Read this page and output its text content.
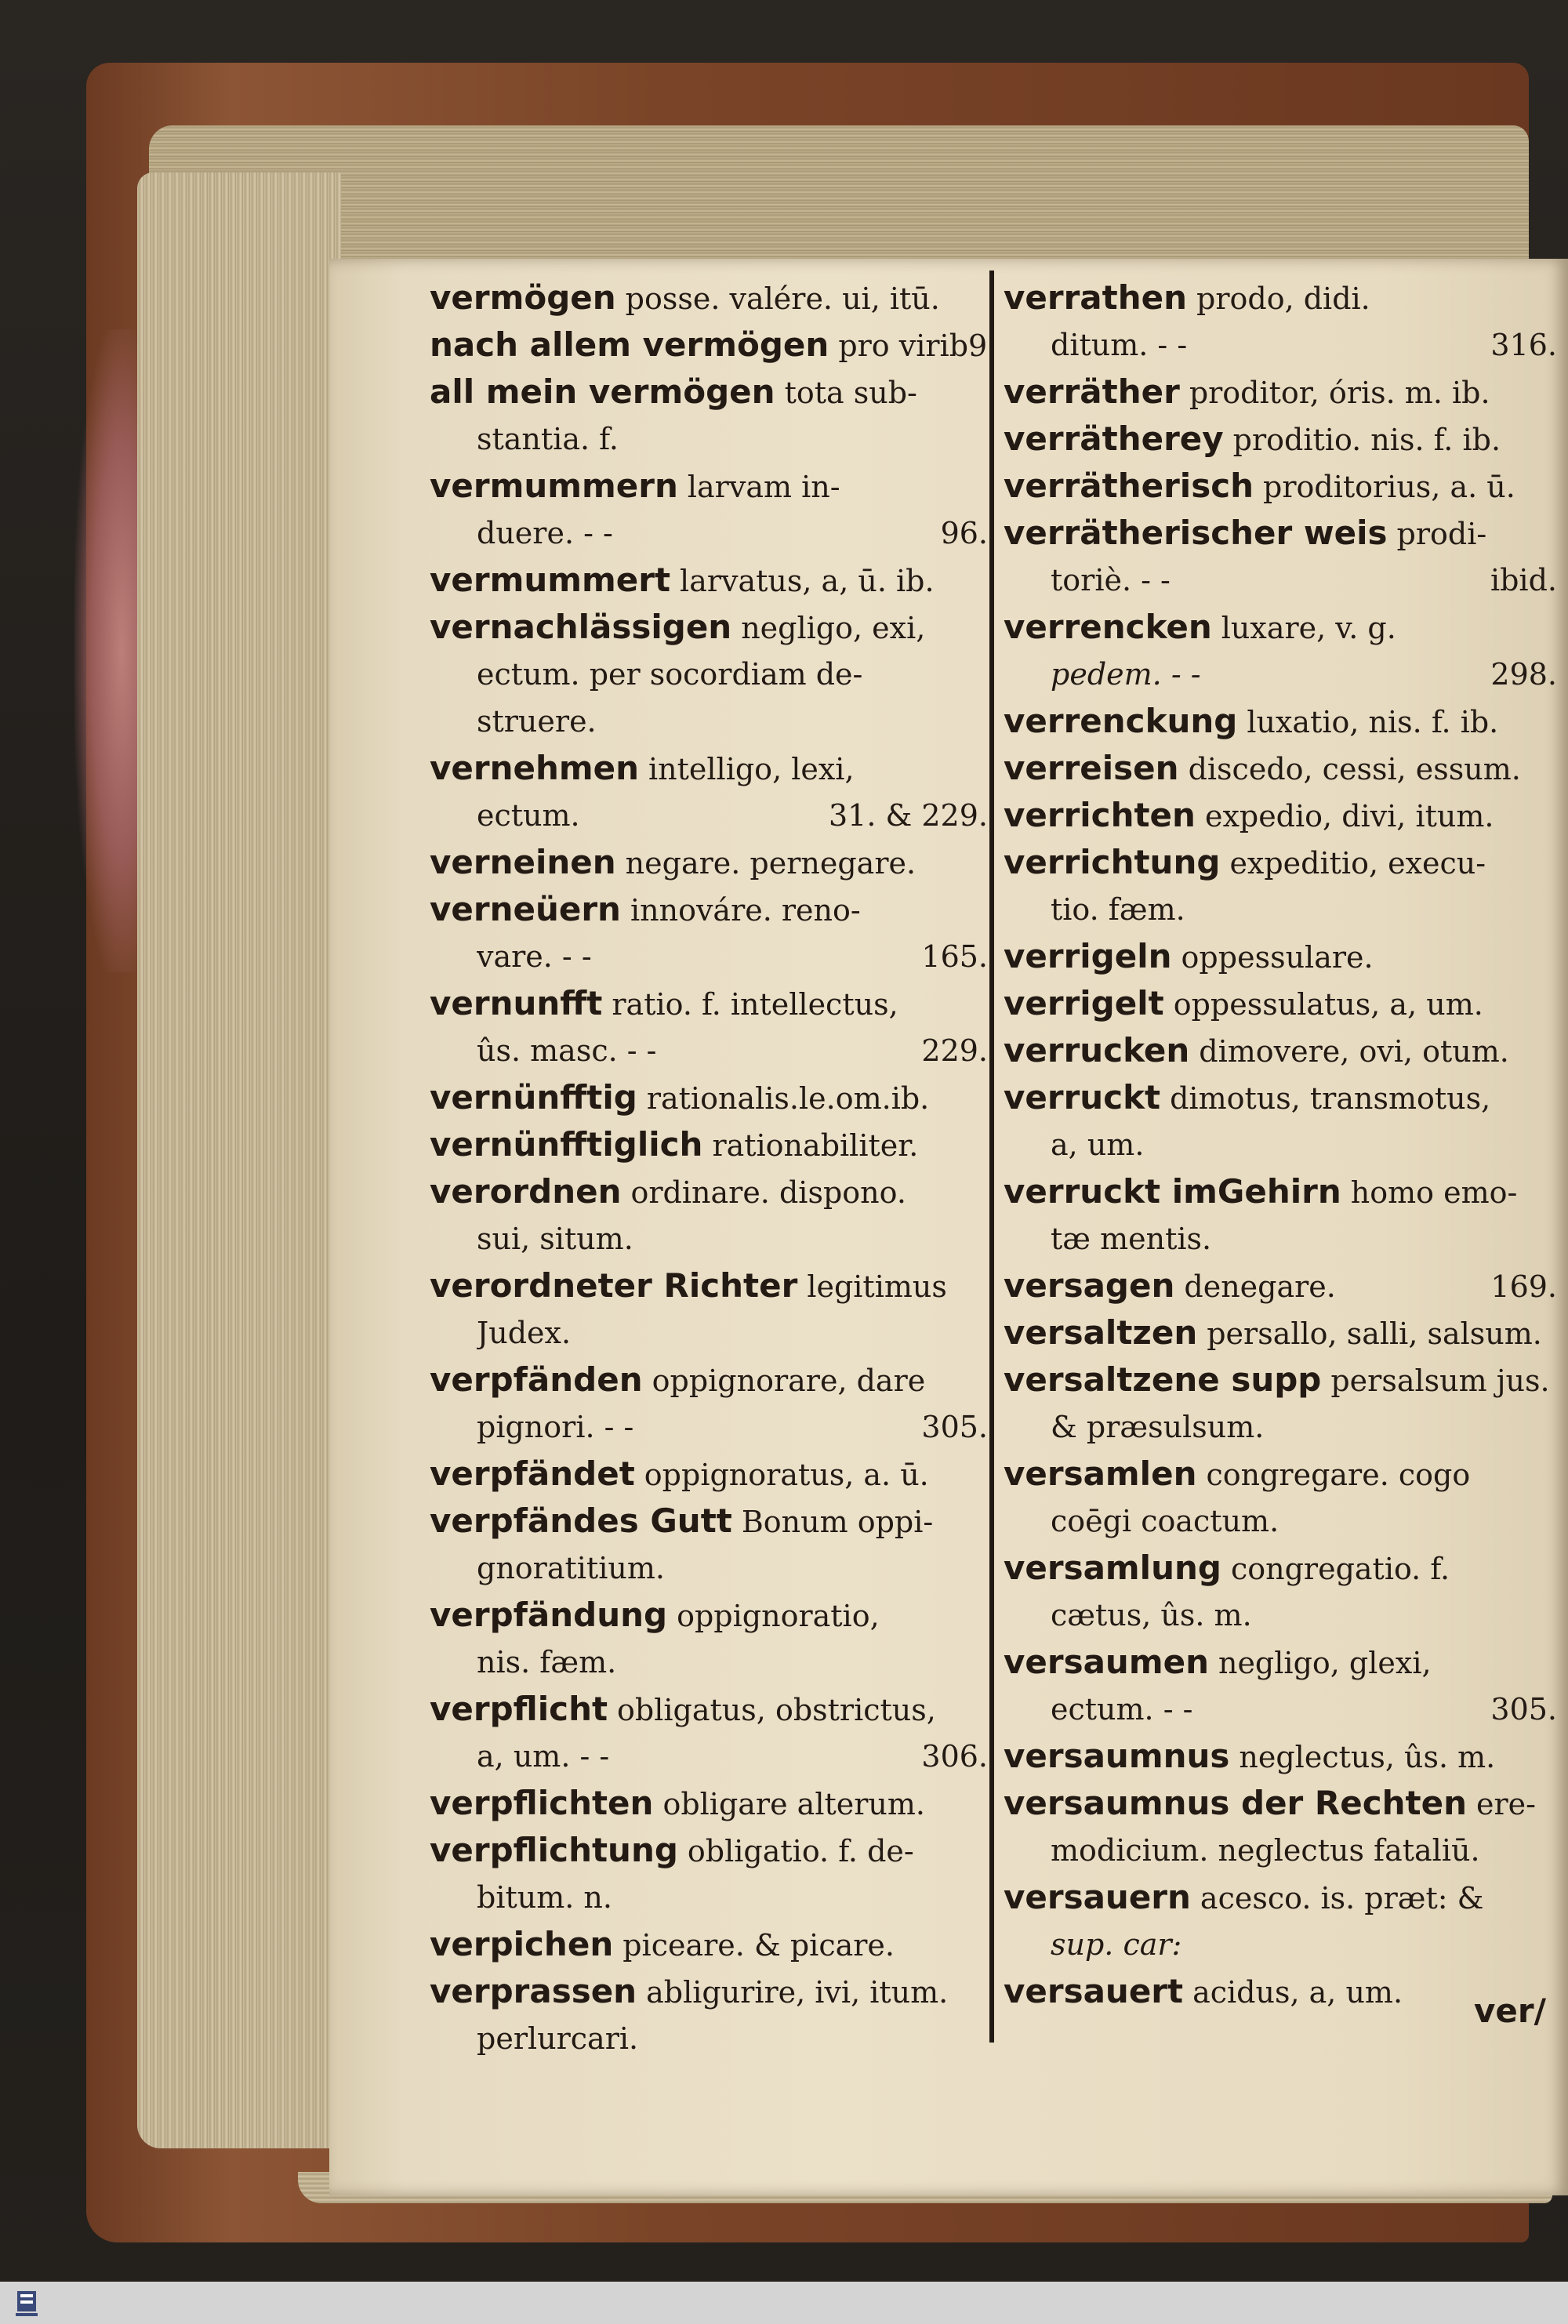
vermögen posse. valére. ui, itū.
nach allem vermögen pro virib9
all mein vermögen tota sub-
stantia. f.
vermummern larvam in-
duere. - -	96.
vermummert larvatus, a, ū. ib.
vernachlässigen negligo, exi,
ectum. per socordiam de-
struere.
vernehmen intelligo, lexi,
ectum.	31. & 229.
verneinen negare. pernegare.
verneüern innováre. reno-
vare. - -	165.
vernunfft ratio. f. intellectus,
ûs. masc. - -	229.
vernünfftig rationalis.le.om.ib.
vernünfftiglich rationabiliter.
verordnen ordinare. dispono.
sui, situm.
verordneter Richter legitimus
Judex.
verpfänden oppignorare, dare
pignori. - -	305.
verpfändet oppignoratus, a. ū.
verpfändes Gutt Bonum oppi-
gnoratitium.
verpfändung oppignoratio,
nis. fæm.
verpflicht obligatus, obstrictus,
a, um. - -	306.
verpflichten obligare alterum.
verpflichtung obligatio. f. de-
bitum. n.
verpichen piceare. & picare.
verprassen abligurire, ivi, itum.
perlurcari.
verrathen prodo, didi.
ditum. - -	316.
verräther proditor, óris. m. ib.
verrätherey proditio. nis. f. ib.
verrätherisch proditorius, a. ū.
verrätherischer weis prodi-
toriè. - -	ibid.
verrencken luxare, v. g.
pedem. - -	298.
verrenckung luxatio, nis. f. ib.
verreisen discedo, cessi, essum.
verrichten expedio, divi, itum.
verrichtung expeditio, execu-
tio. fæm.
verrigeln oppessulare.
verrigelt oppessulatus, a, um.
verrucken dimovere, ovi, otum.
verruckt dimotus, transmotus,
a, um.
verruckt imGehirn homo emo-
tæ mentis.
versagen denegare.	169.
versaltzen persallo, salli, salsum.
versaltzene supp persalsum jus.
& præsulsum.
versamlen congregare. cogo
coēgi coactum.
versamlung congregatio. f.
cætus, ûs. m.
versaumen negligo, glexi,
ectum. - -	305.
versaumnus neglectus, ûs. m.
versaumnus der Rechten ere-
modicium. neglectus fataliū.
versauern acesco. is. præt: &
sup. car:
versauert acidus, a, um. ver/
